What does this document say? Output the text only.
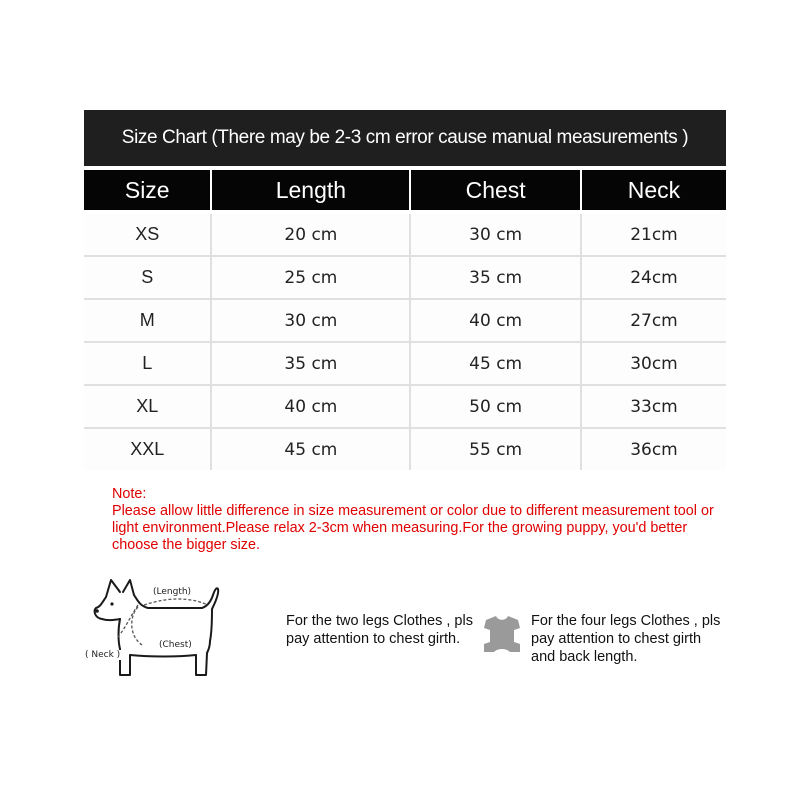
Size Chart (There may be 2-3 cm error cause manual measurements )
Size	Length	Chest	Neck
XS	20 cm	30 cm	21cm
S	25 cm	35 cm	24cm
M	30 cm	40 cm	27cm
L	35 cm	45 cm	30cm
XL	40 cm	50 cm	33cm
XXL	45 cm	55 cm	36cm
Note:
Please allow little difference in size measurement or color due to different measurement tool or light environment.Please relax 2-3cm when measuring.For the growing puppy, you'd better choose the bigger size.
(Length)
(Chest)
( Neck )
For the two legs Clothes , pls pay attention to chest girth.
For the four legs Clothes , pls pay attention to chest girth and back length.
